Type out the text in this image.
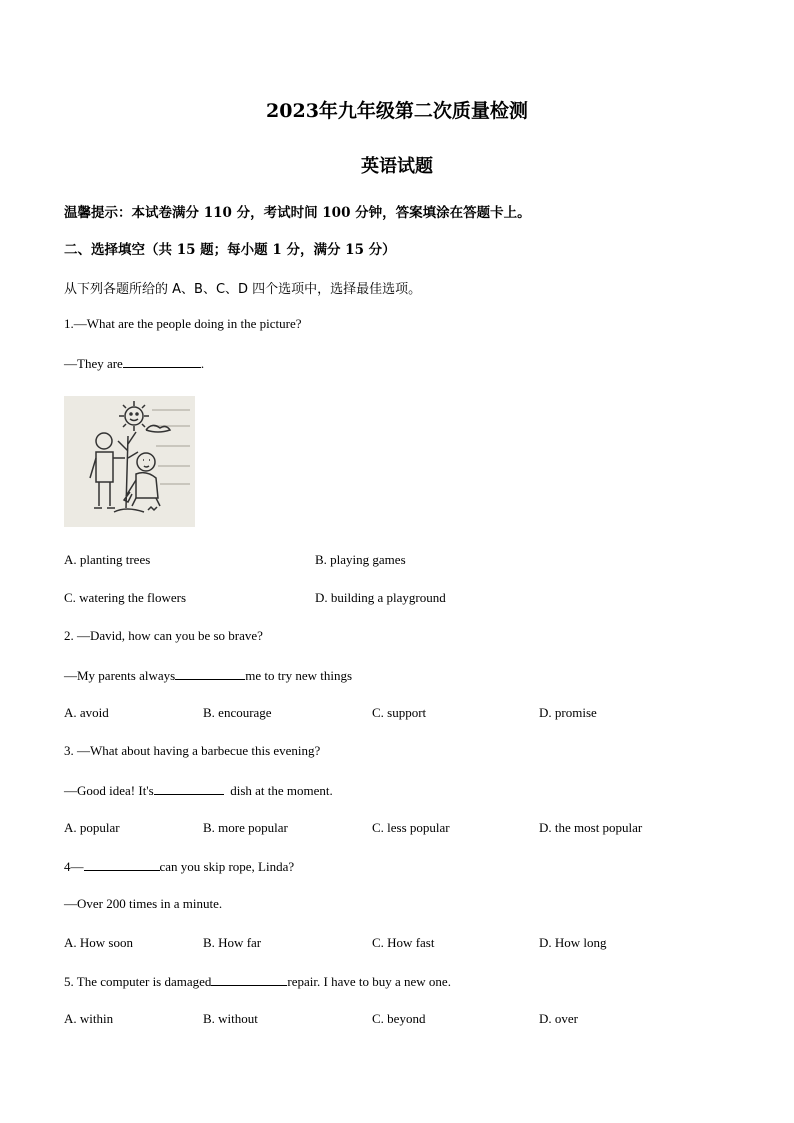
2023年九年级第二次质量检测
英语试题
温馨提示：本试卷满分 110 分，考试时间 100 分钟，答案填涂在答题卡上。
二、选择填空（共 15 题；每小题 1 分，满分 15 分）
从下列各题所给的 A、B、C、D 四个选项中，选择最佳选项。
1.—What are the people doing in the picture?
—They are	.
A. planting trees	B. playing games
C. watering the flowers	D. building a playground
2. —David, how can you be so brave?
—My parents always	me to try new things
A. avoid	B. encourage	C. support	D. promise
3. —What about having a barbecue this evening?
—Good idea! It's	dish at the moment.
A. popular	B. more popular	C. less popular	D. the most popular
4—	can you skip rope, Linda?
—Over 200 times in a minute.
A. How soon	B. How far	C. How fast	D. How long
5. The computer is damaged	repair. I have to buy a new one.
A. within	B. without	C. beyond	D. over
